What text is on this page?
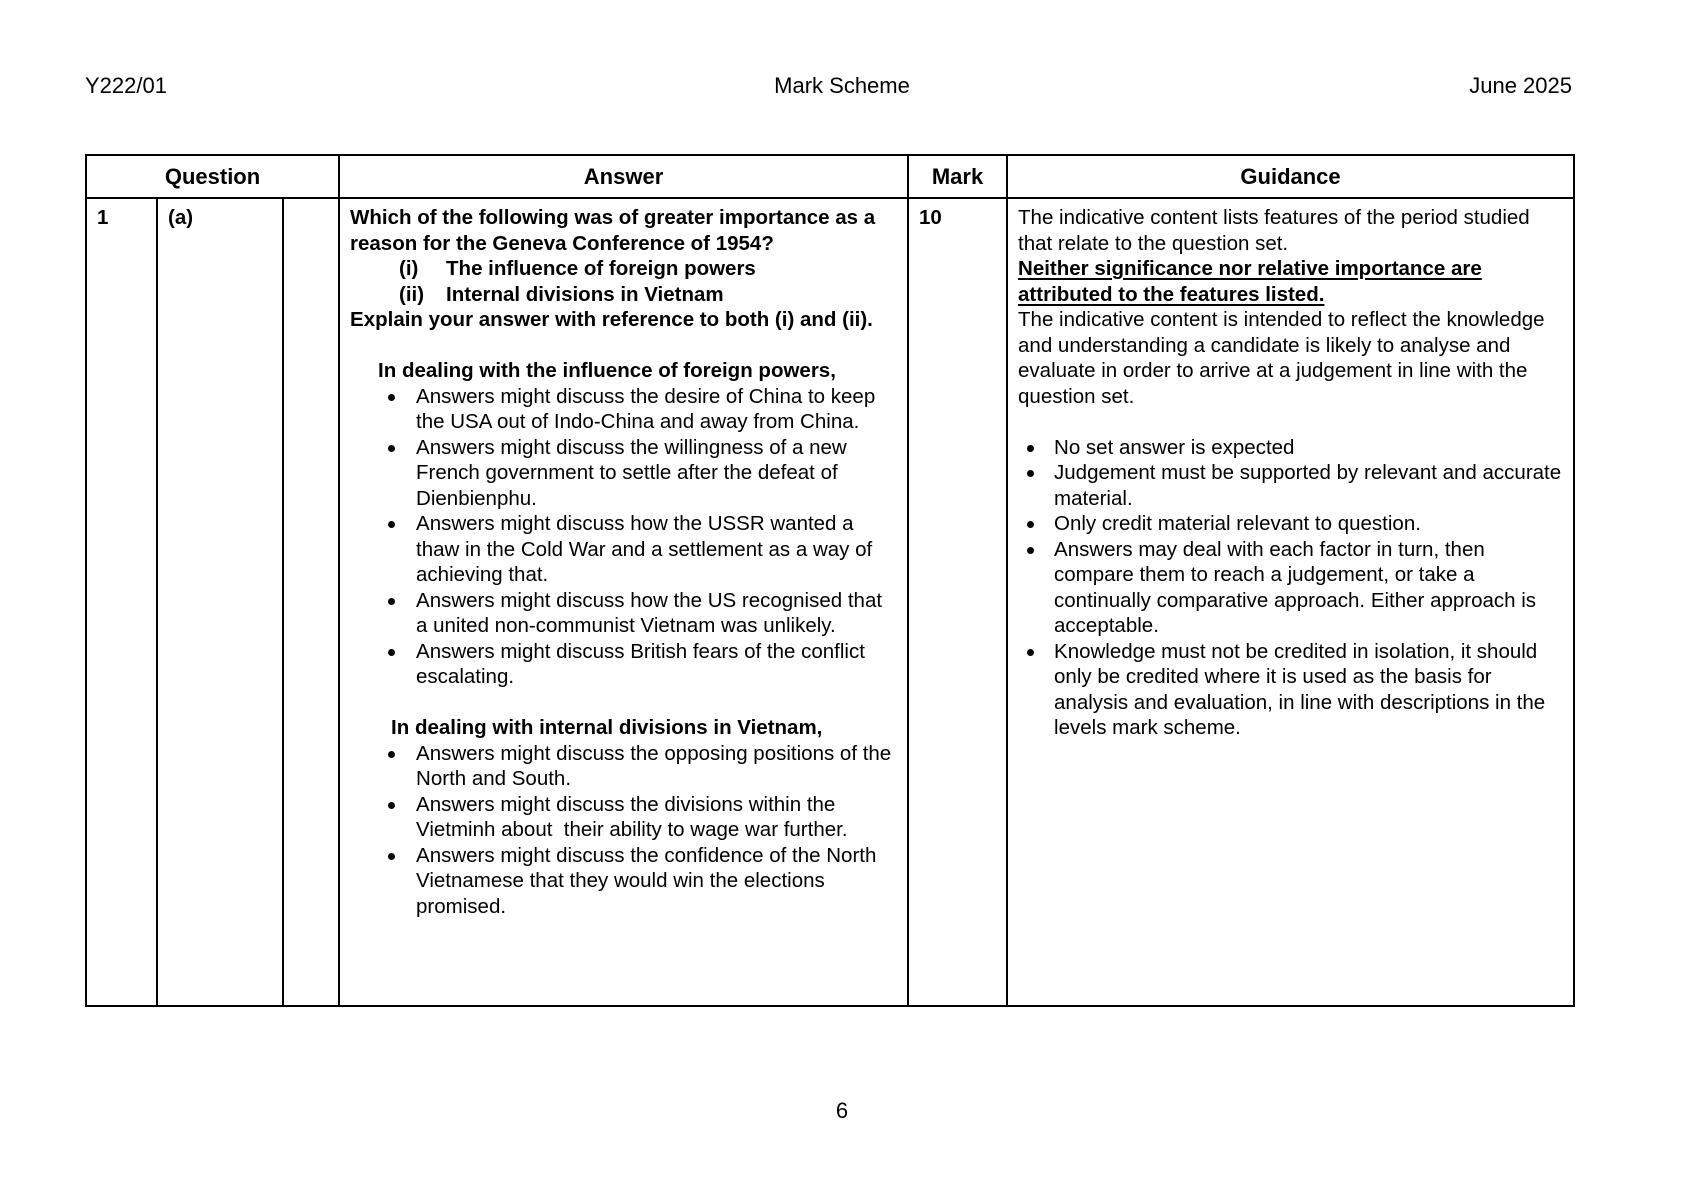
Y222/01	Mark Scheme	June 2025
Question			Answer	Mark	Guidance
1	(a)		Which of the following was of greater importance as a reason for the Geneva Conference of 1954?
(i)	The influence of foreign powers
(ii)	Internal divisions in Vietnam
Explain your answer with reference to both (i) and (ii).
In dealing with the influence of foreign powers,
Answers might discuss the desire of China to keep the USA out of Indo-China and away from China.
Answers might discuss the willingness of a new French government to settle after the defeat of Dienbienphu.
Answers might discuss how the USSR wanted a thaw in the Cold War and a settlement as a way of achieving that.
Answers might discuss how the US recognised that a united non-communist Vietnam was unlikely.
Answers might discuss British fears of the conflict escalating.
In dealing with internal divisions in Vietnam,
Answers might discuss the opposing positions of the North and South.
Answers might discuss the divisions within the Vietminh about  their ability to wage war further.
Answers might discuss the confidence of the North Vietnamese that they would win the elections promised.
	10	The indicative content lists features of the period studied that relate to the question set.
Neither significance nor relative importance are attributed to the features listed.
The indicative content is intended to reflect the knowledge and understanding a candidate is likely to analyse and evaluate in order to arrive at a judgement in line with the question set.
No set answer is expected
Judgement must be supported by relevant and accurate material.
Only credit material relevant to question.
Answers may deal with each factor in turn, then compare them to reach a judgement, or take a continually comparative approach. Either approach is acceptable.
Knowledge must not be credited in isolation, it should only be credited where it is used as the basis for analysis and evaluation, in line with descriptions in the levels mark scheme.
6
